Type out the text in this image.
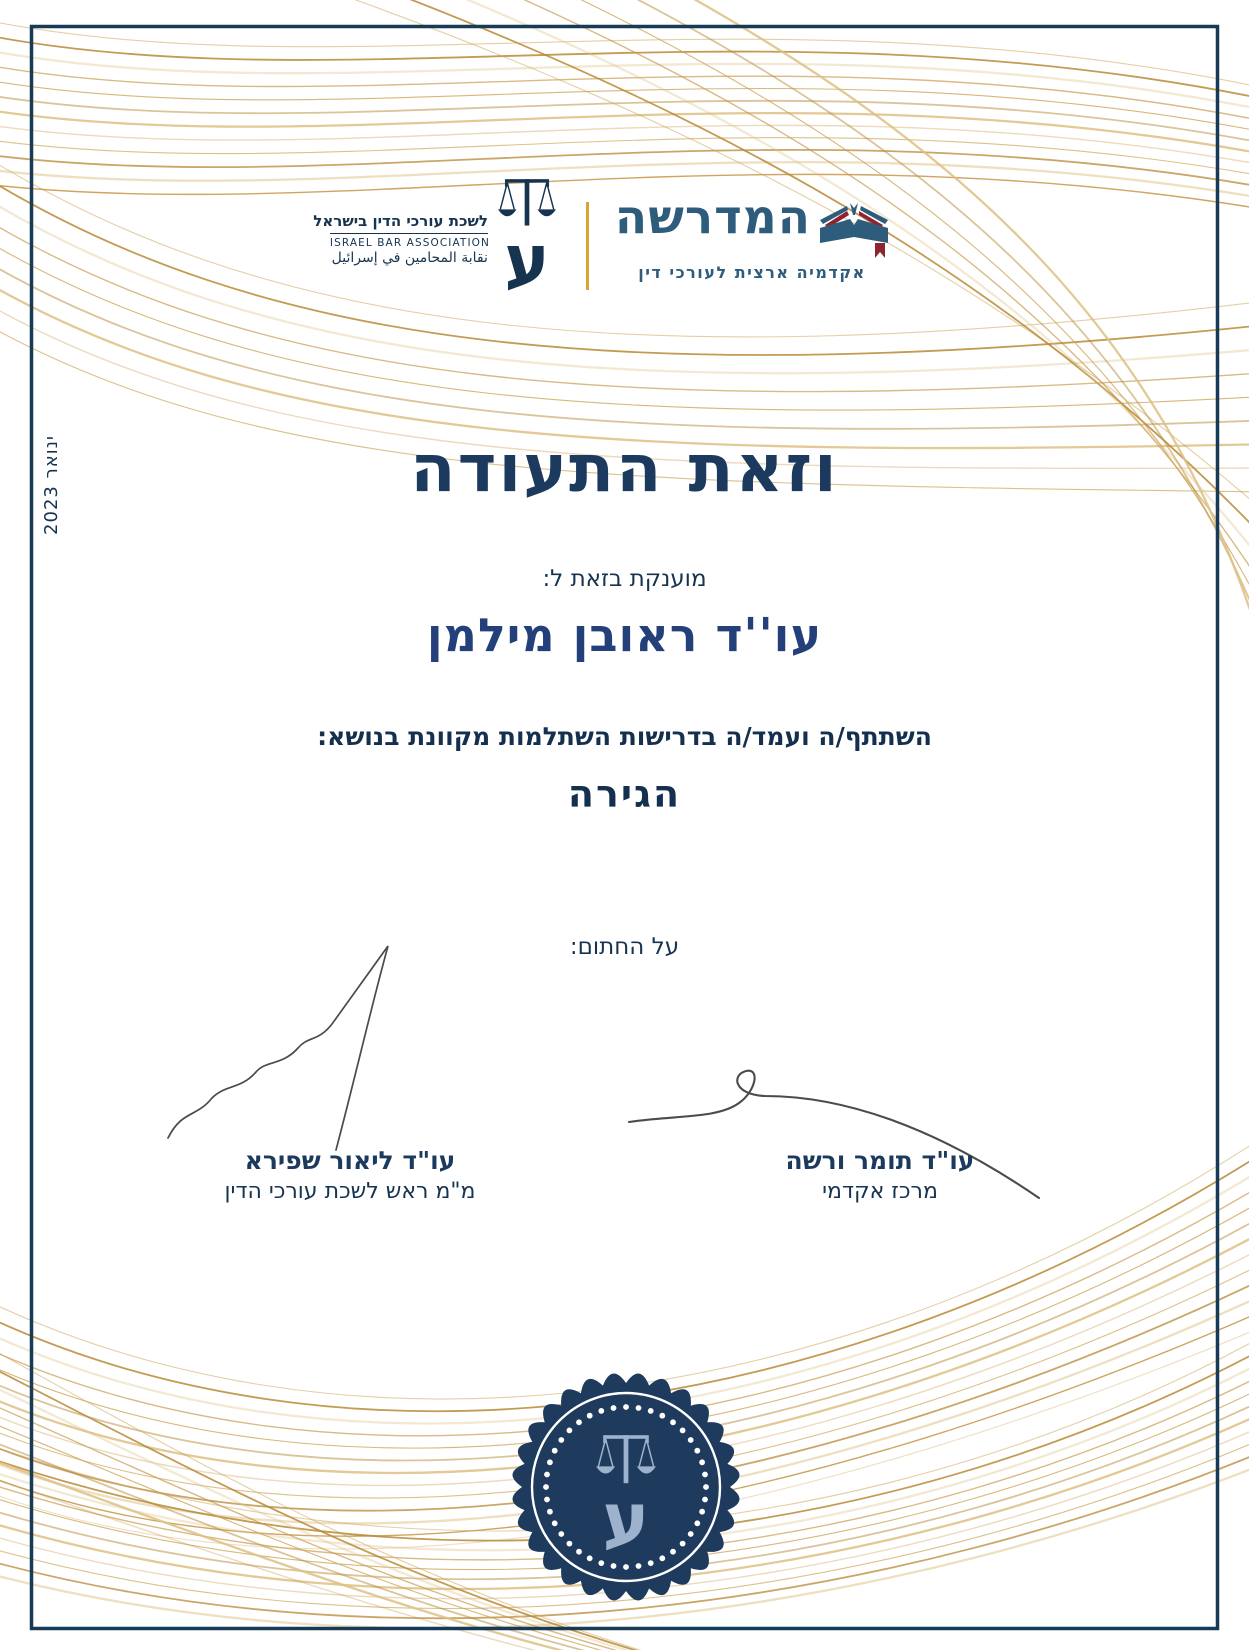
לשכת עורכי הדין בישראל
ISRAEL BAR ASSOCIATION
نقابة المحامين في إسرائيل
המדרשה
אקדמיה ארצית לעורכי דין
ינואר 2023	וזאת התעודה
מוענקת בזאת ל:
עו''ד ראובן מילמן
השתתף/ה ועמד/ה בדרישות השתלמות מקוונת בנושא:
הגירה
על החתום:
עו"ד ליאור שפירא
מ"מ ראש לשכת עורכי הדין
עו"ד תומר ורשה
מרכז אקדמי
